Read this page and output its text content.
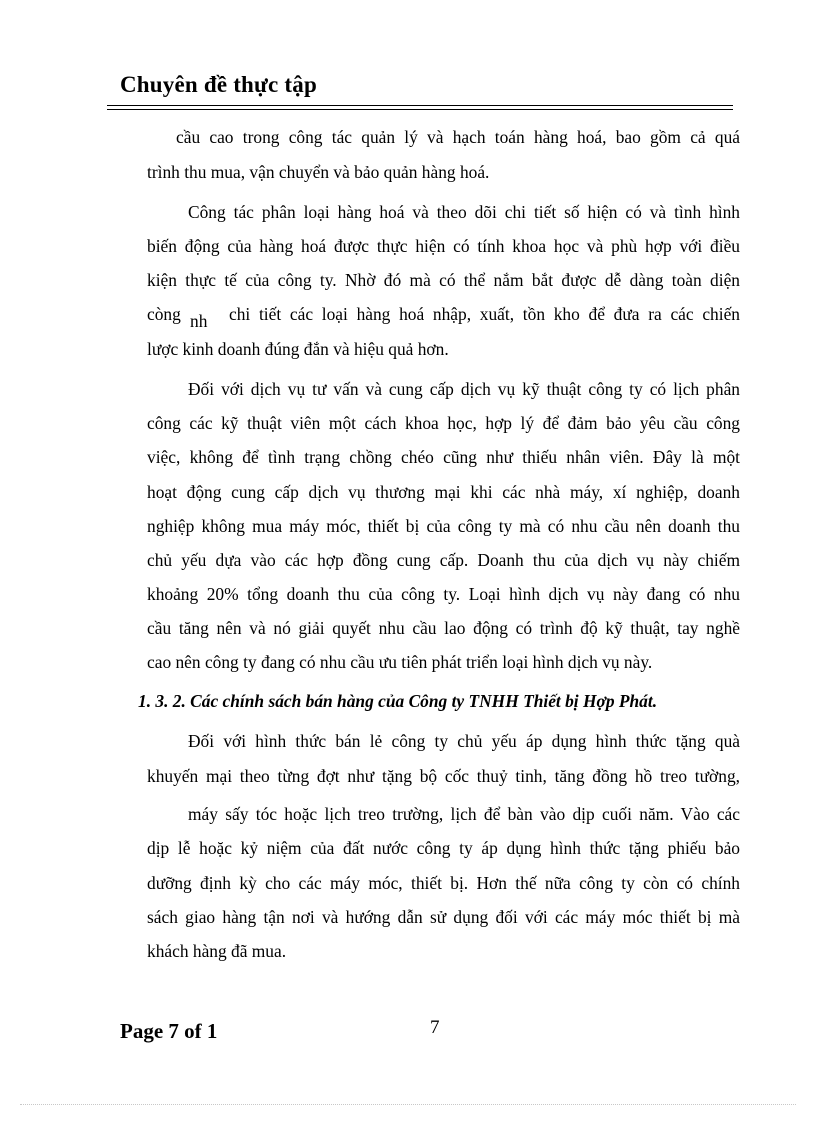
Chuyên đề thực tập
cầu cao trong công tác quản lý và hạch toán hàng hoá, bao gồm cả quá
trình thu mua, vận chuyển và bảo quản hàng hoá.
Công tác phân loại hàng hoá và theo dõi chi tiết số hiện có và tình hình
biến động của hàng hoá được thực hiện có tính khoa học và phù hợp với điều
kiện thực tế của công ty. Nhờ đó mà có thể nắm bắt được dễ dàng toàn diện
còng nh chi tiết các loại hàng hoá nhập, xuất, tồn kho để đưa ra các chiến
lược kinh doanh đúng đắn và hiệu quả hơn.
Đối với dịch vụ tư vấn và cung cấp dịch vụ kỹ thuật công ty có lịch phân
công các kỹ thuật viên một cách khoa học, hợp lý để đảm bảo yêu cầu công
việc, không để tình trạng chồng chéo cũng như thiếu nhân viên. Đây là một
hoạt động cung cấp dịch vụ thương mại khi các nhà máy, xí nghiệp, doanh
nghiệp không mua máy móc, thiết bị của công ty mà có nhu cầu nên doanh thu
chủ yếu dựa vào các hợp đồng cung cấp. Doanh thu của dịch vụ này chiếm
khoảng 20% tổng doanh thu của công ty. Loại hình dịch vụ này đang có nhu
cầu tăng nên và nó giải quyết nhu cầu lao động có trình độ kỹ thuật, tay nghề
cao nên công ty đang có nhu cầu ưu tiên phát triển loại hình dịch vụ này.
1. 3. 2. Các chính sách bán hàng của Công ty TNHH Thiết bị Hợp Phát.
Đối với hình thức bán lẻ công ty chủ yếu áp dụng hình thức tặng quà
khuyến mại theo từng đợt như tặng bộ cốc thuỷ tinh, tăng đồng hồ treo tường,
máy sấy tóc hoặc lịch treo trường, lịch để bàn vào dịp cuối năm. Vào các
dịp lễ hoặc kỷ niệm của đất nước công ty áp dụng hình thức tặng phiếu bảo
dưỡng định kỳ cho các máy móc, thiết bị. Hơn thế nữa công ty còn có chính
sách giao hàng tận nơi và hướng dẫn sử dụng đối với các máy móc thiết bị mà
khách hàng đã mua.
Page 7 of 1	7
